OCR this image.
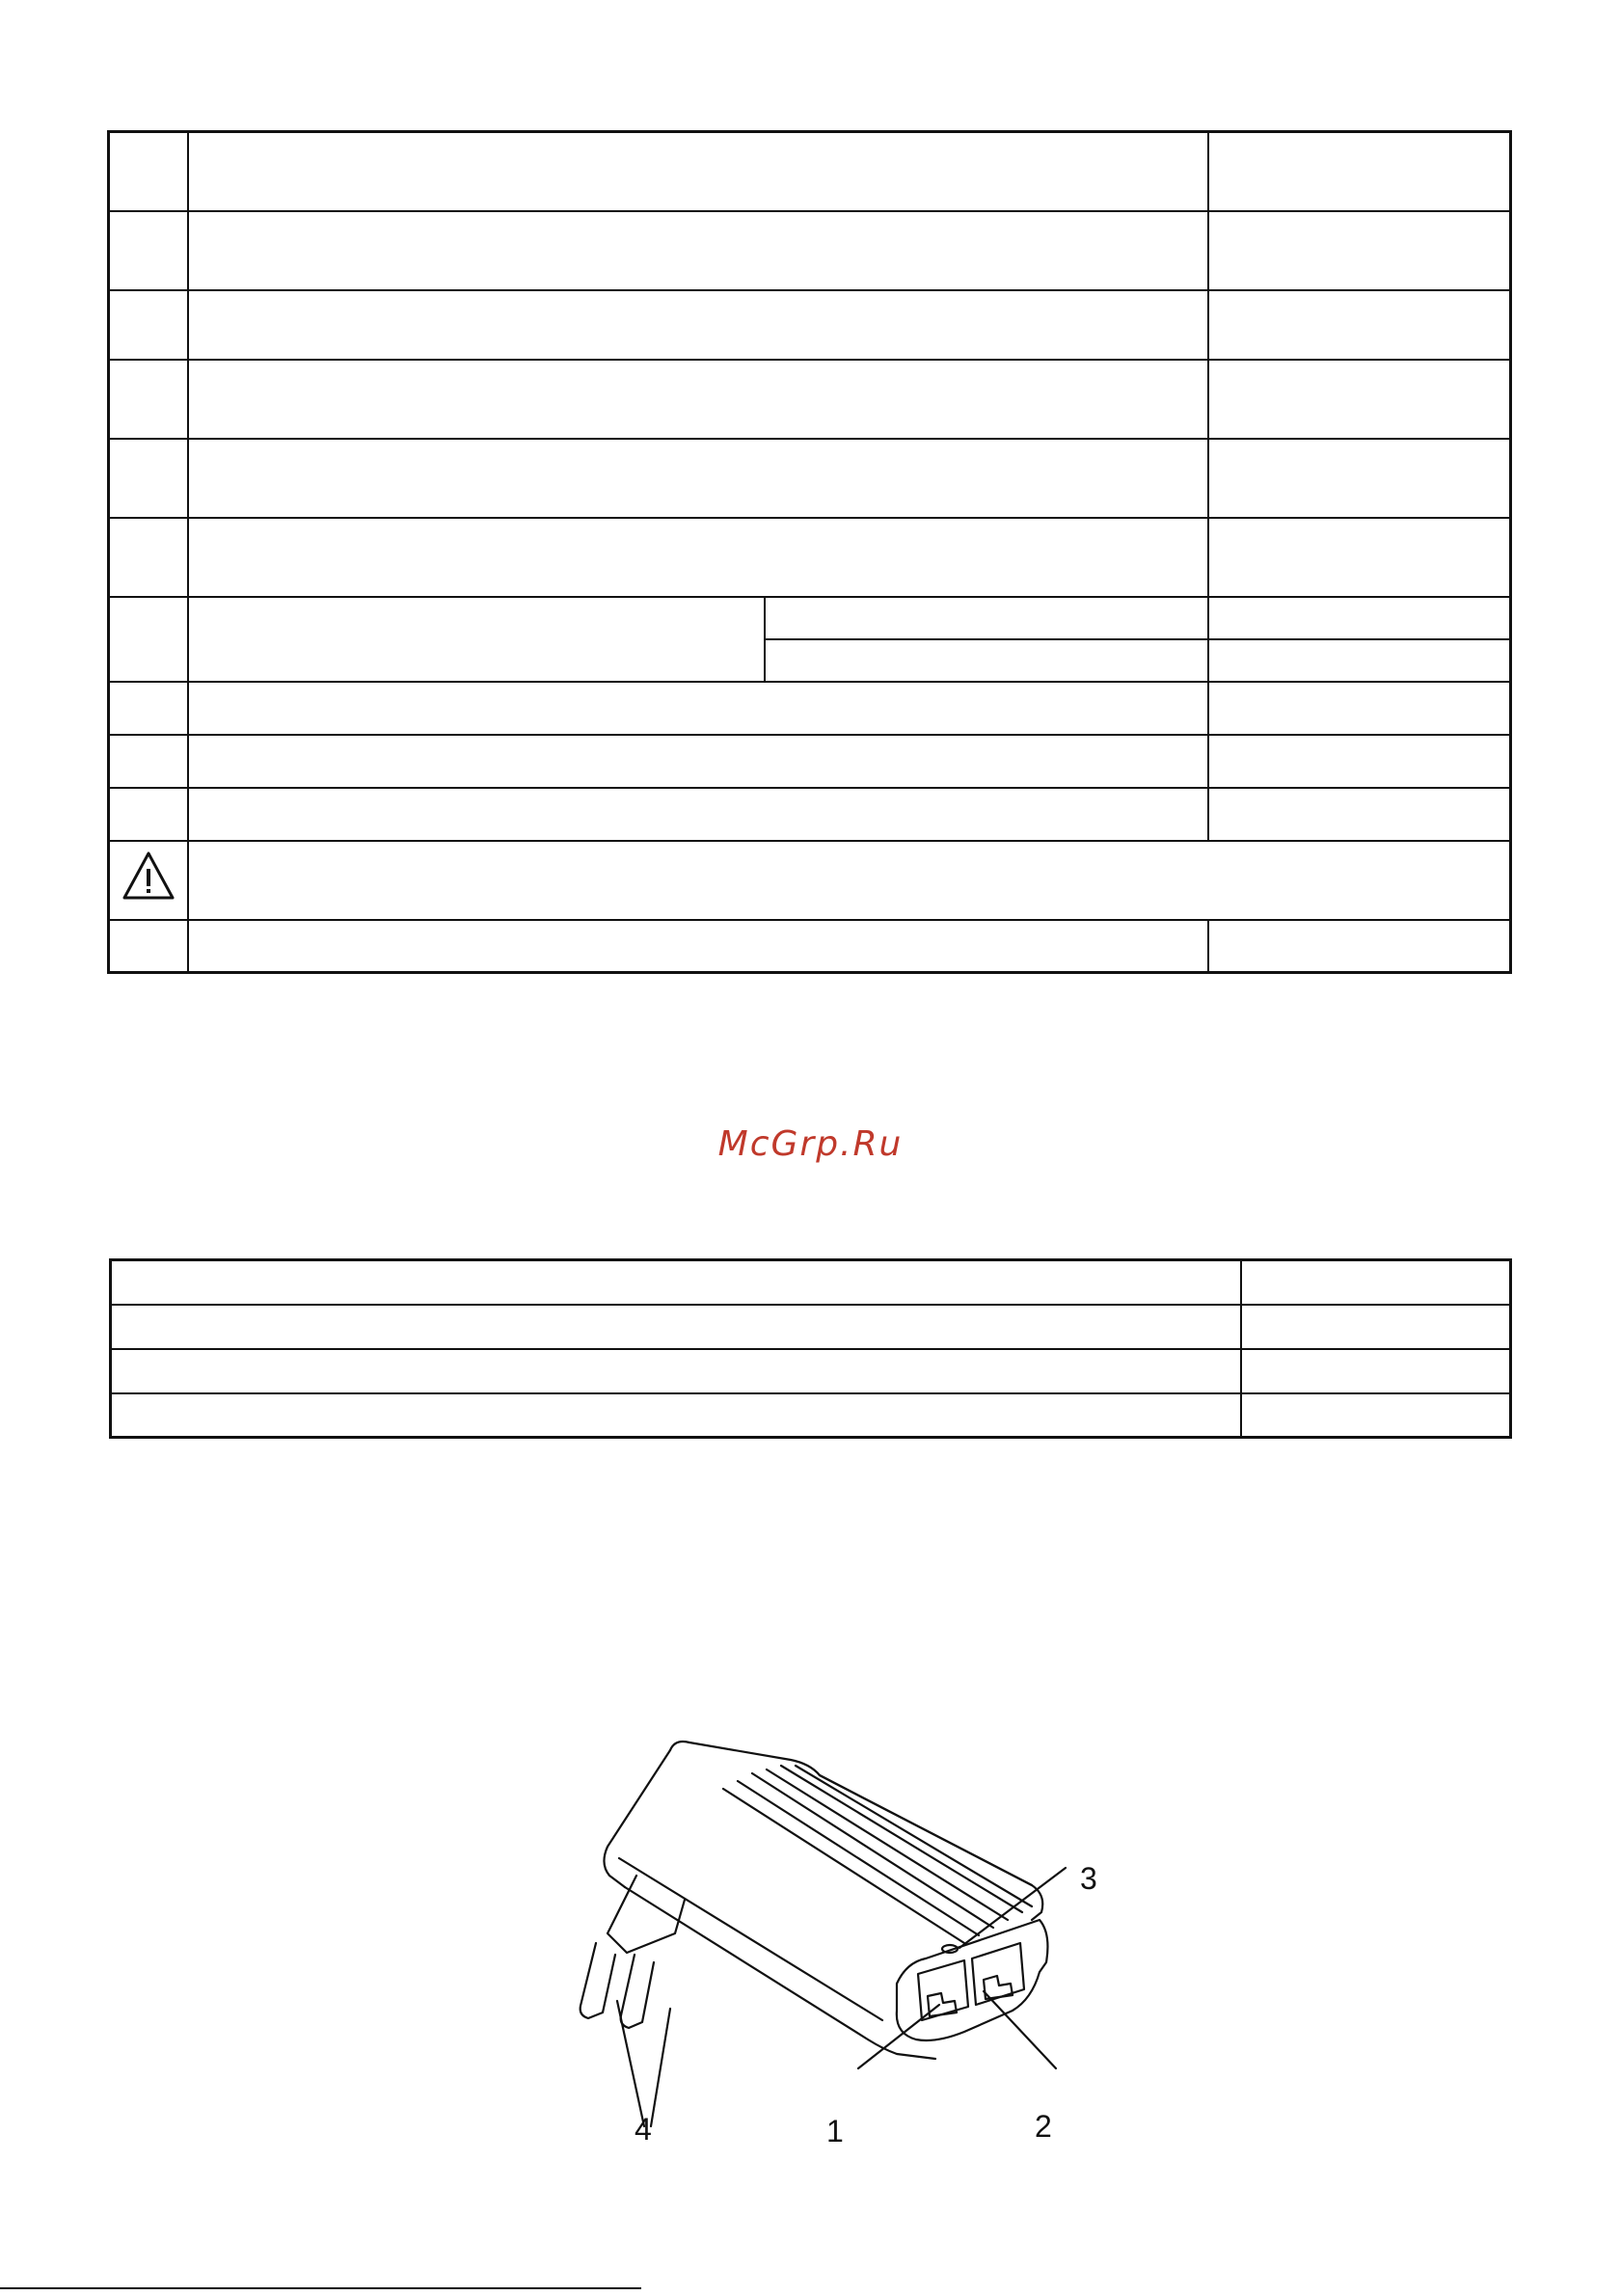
McGrp.Ru

3
1	2
4
